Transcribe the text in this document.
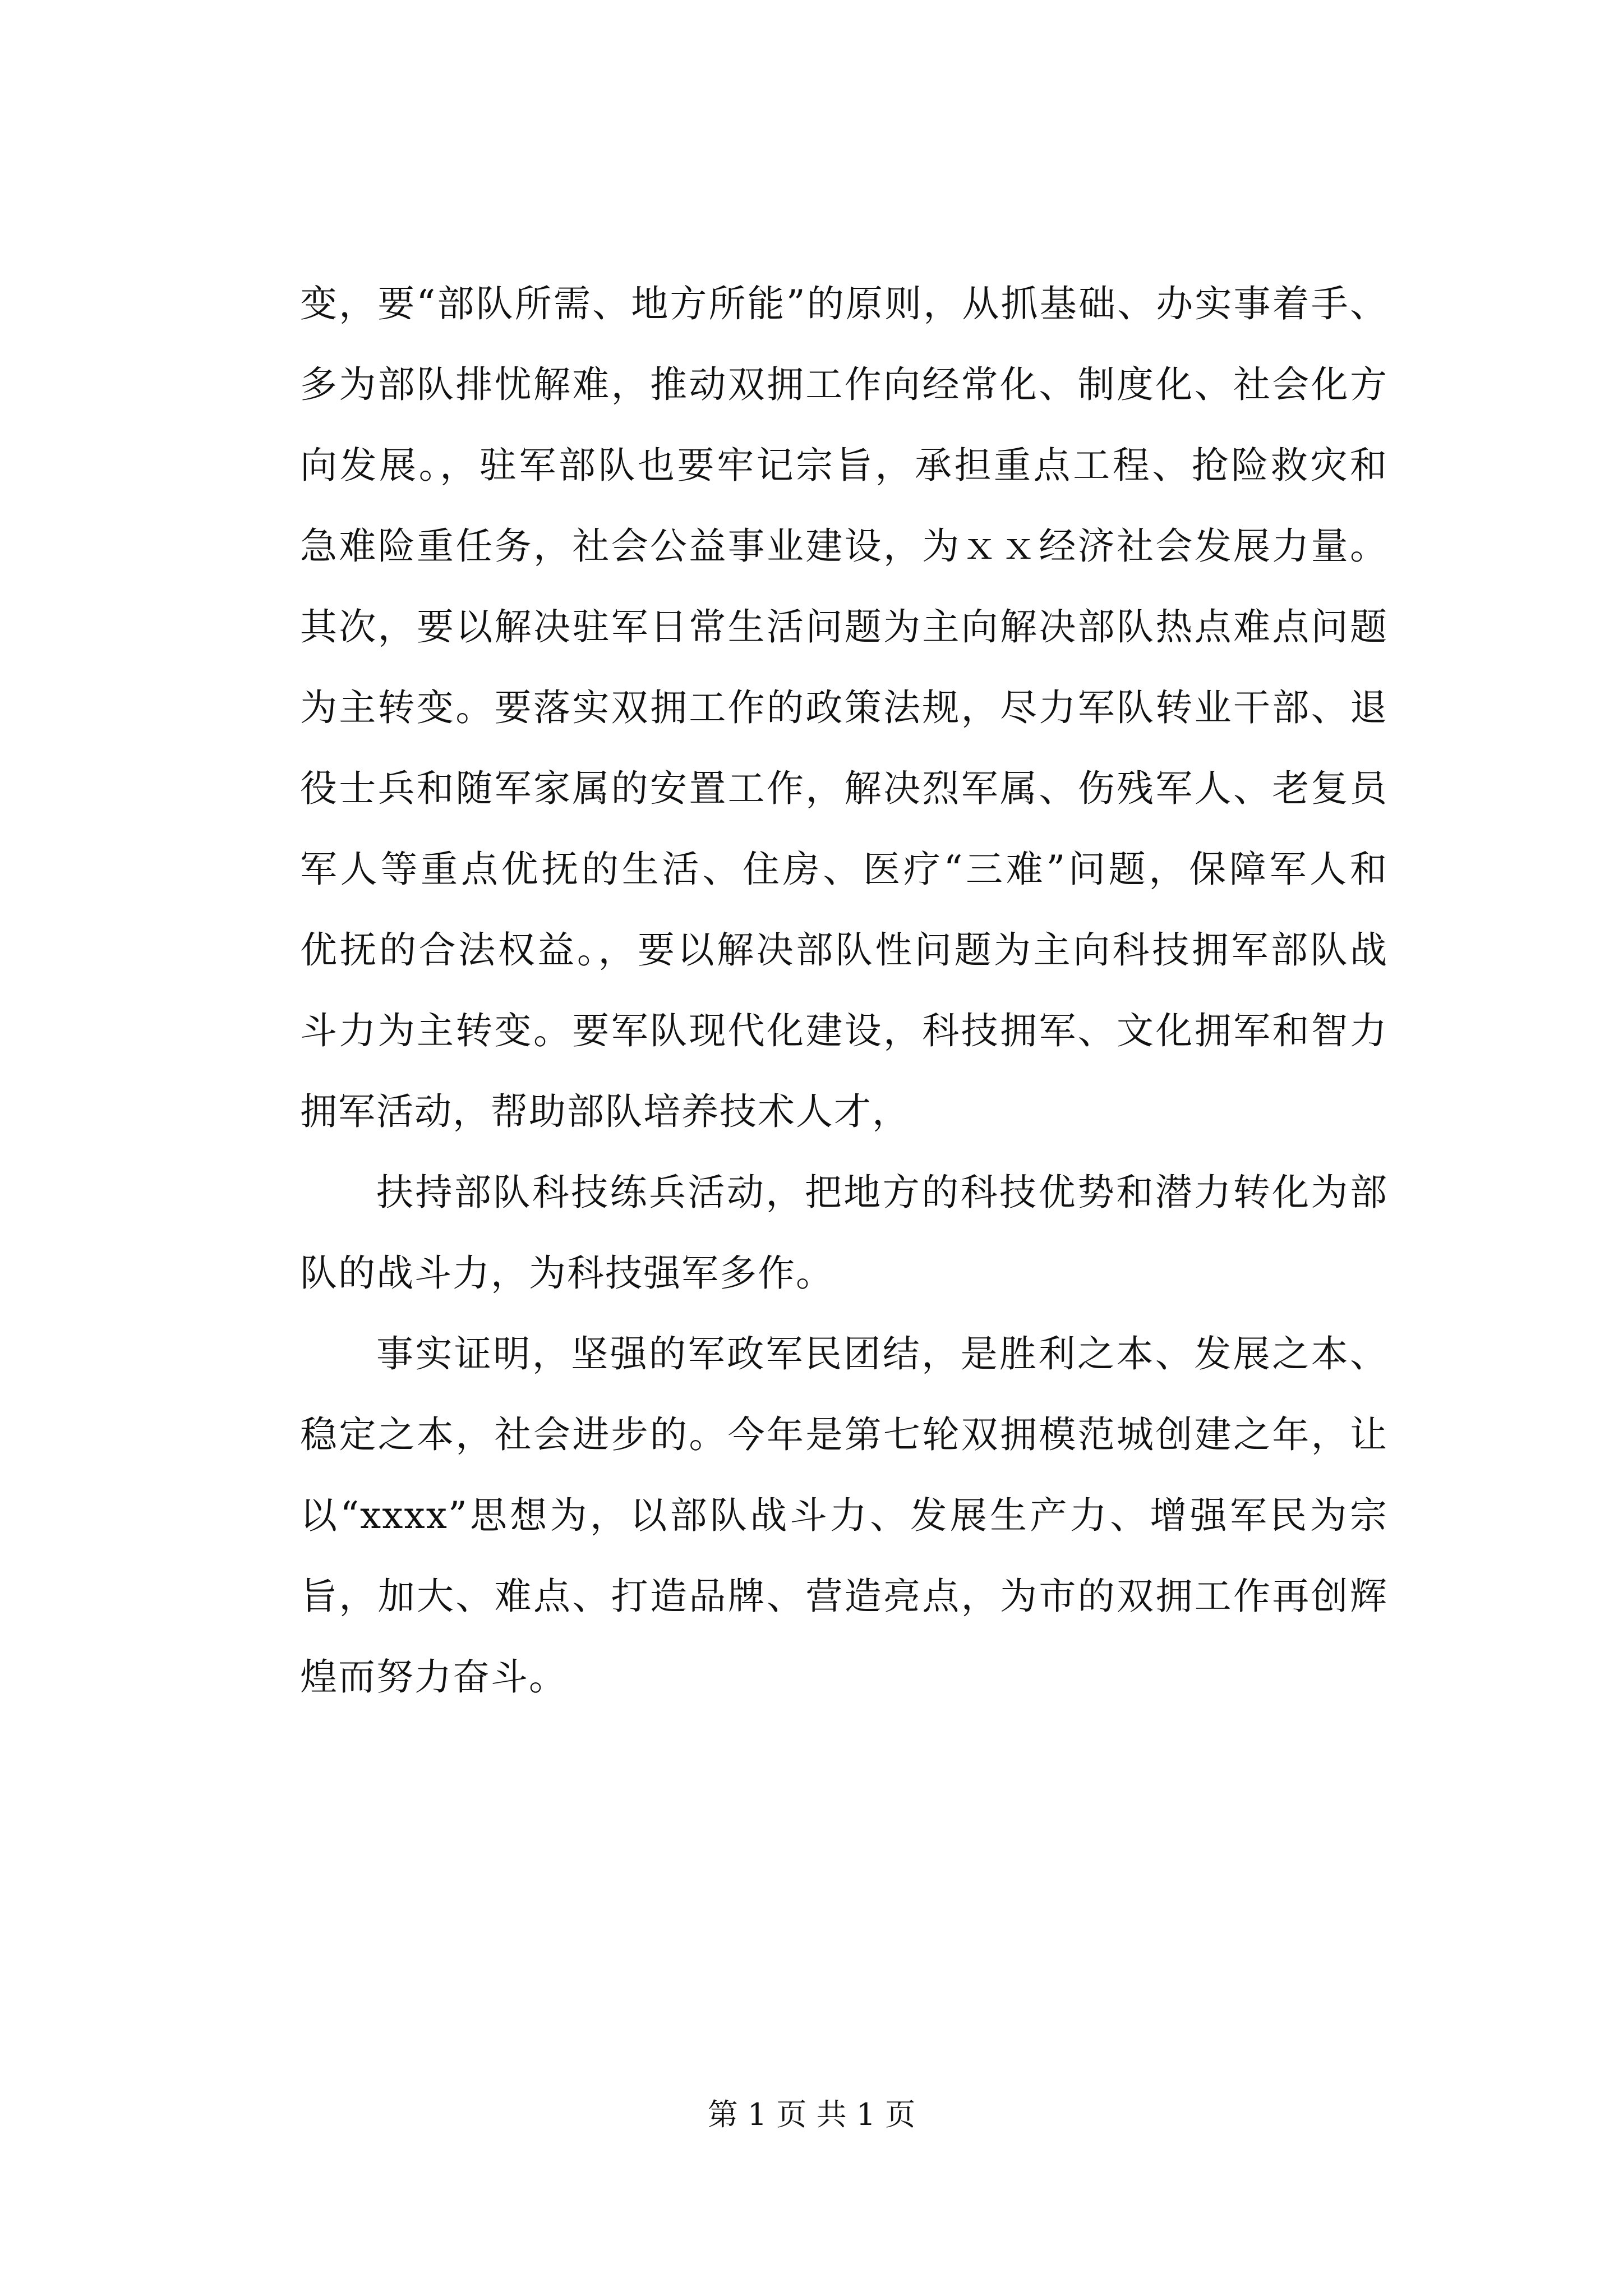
变，要“部队所需、地方所能”的原则，从抓基础、办实事着手、
多为部队排忧解难，推动双拥工作向经常化、制度化、社会化方
向发展。，驻军部队也要牢记宗旨，承担重点工程、抢险救灾和
急难险重任务，社会公益事业建设，为ｘｘ经济社会发展力量。
其次，要以解决驻军日常生活问题为主向解决部队热点难点问题
为主转变。要落实双拥工作的政策法规，尽力军队转业干部、退
役士兵和随军家属的安置工作，解决烈军属、伤残军人、老复员
军人等重点优抚的生活、住房、医疗“三难”问题，保障军人和
优抚的合法权益。，要以解决部队性问题为主向科技拥军部队战
斗力为主转变。要军队现代化建设，科技拥军、文化拥军和智力
拥军活动，帮助部队培养技术人才，

扶持部队科技练兵活动，把地方的科技优势和潜力转化为部
队的战斗力，为科技强军多作。

事实证明，坚强的军政军民团结，是胜利之本、发展之本、
稳定之本，社会进步的。今年是第七轮双拥模范城创建之年，让
以“xxxx”思想为，以部队战斗力、发展生产力、增强军民为宗
旨，加大、难点、打造品牌、营造亮点，为市的双拥工作再创辉
煌而努力奋斗。

第 1 页 共 1 页
